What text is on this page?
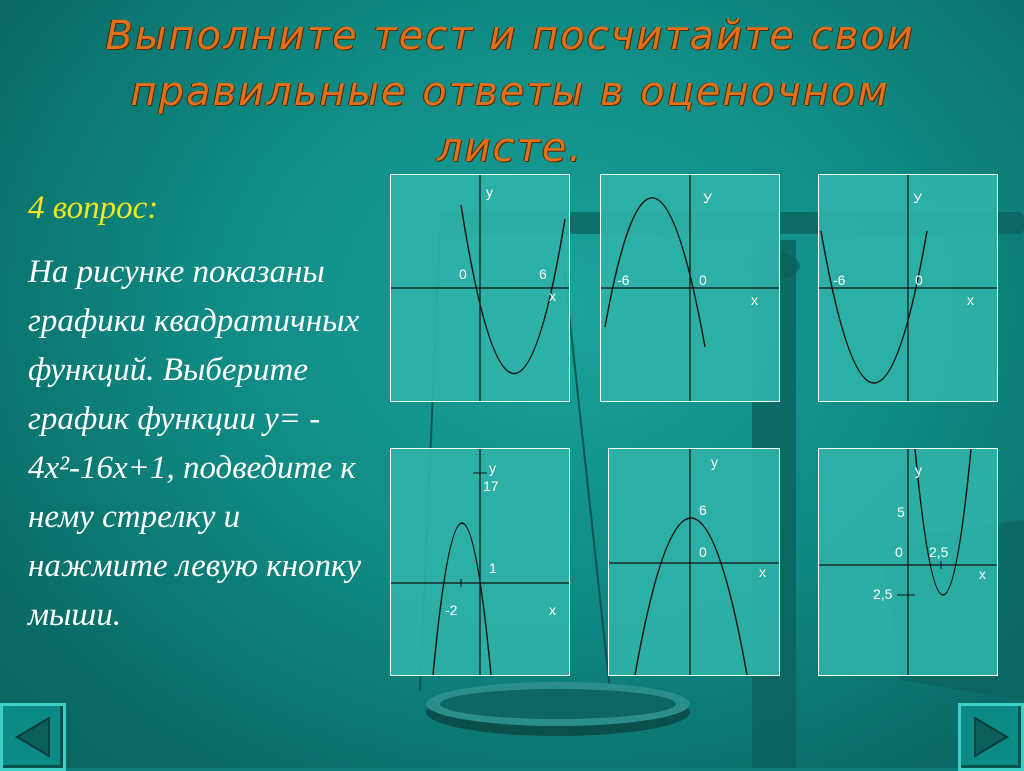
Выполните тест и посчитайте свои правильные ответы в оценочном листе.
4 вопрос:
На рисунке показаны графики квадратичных функций. Выберите график функции у= - 4х²-16х+1, подведите к нему стрелку и нажмите левую кнопку мыши.
y
0	6
x
У
-6	0
x
У
-6	0
x
y
17
1
-2	x
y
6
0
x
y
5
0 2,5
2,5
x
